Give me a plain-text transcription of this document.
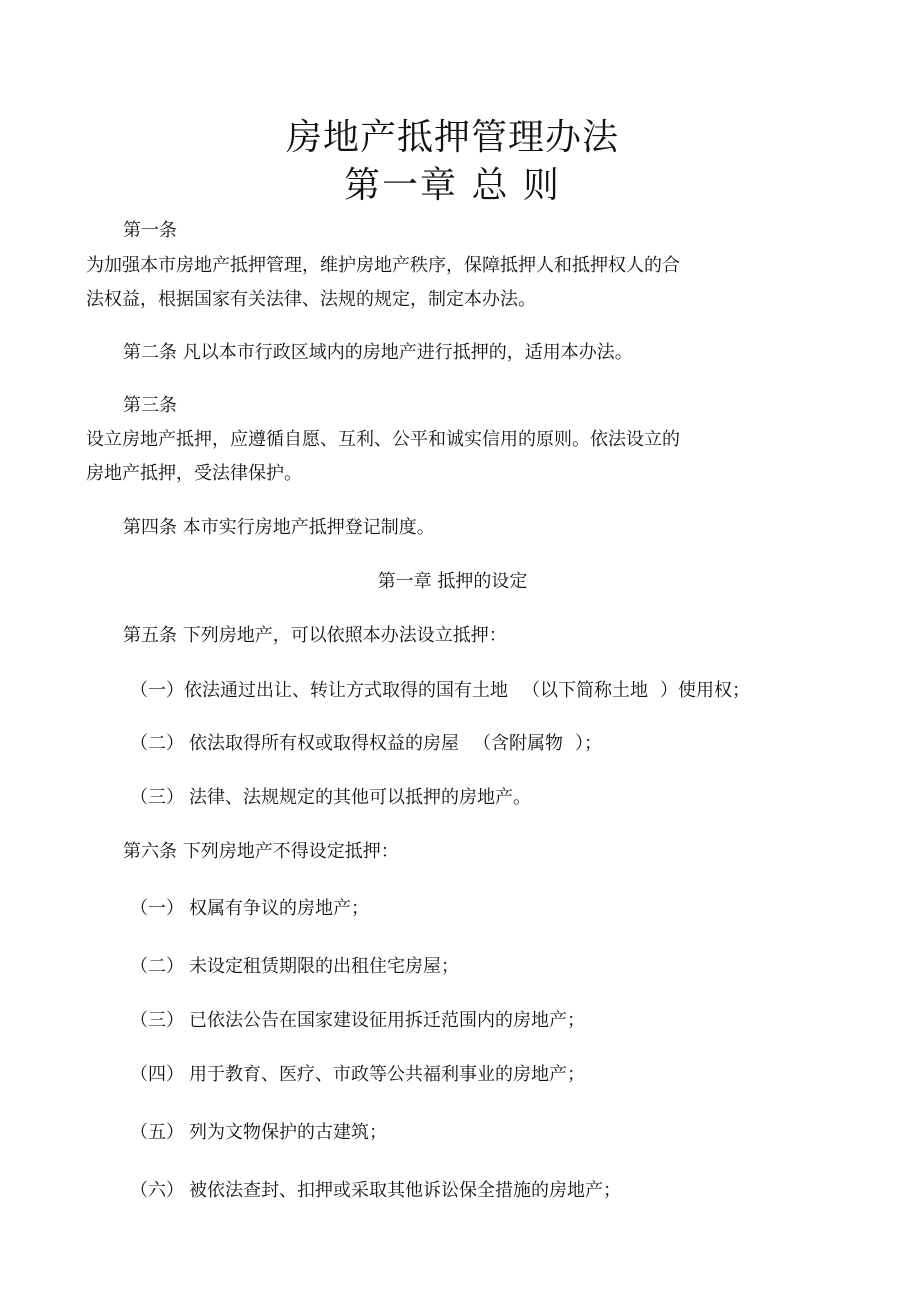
房地产抵押管理办法
第一章 总 则
第一条
为加强本市房地产抵押管理，维护房地产秩序，保障抵押人和抵押权人的合
法权益，根据国家有关法律、法规的规定，制定本办法。
第二条 凡以本市行政区域内的房地产进行抵押的，适用本办法。
第三条
设立房地产抵押，应遵循自愿、互利、公平和诚实信用的原则。依法设立的
房地产抵押，受法律保护。
第四条 本市实行房地产抵押登记制度。
第一章 抵押的设定
第五条 下列房地产，可以依照本办法设立抵押：
（一）依法通过出让、转让方式取得的国有土地 （以下简称土地 ）使用权；
（二） 依法取得所有权或取得权益的房屋 （含附属物 ）；
（三） 法律、法规规定的其他可以抵押的房地产。
第六条 下列房地产不得设定抵押：
（一） 权属有争议的房地产；
（二） 未设定租赁期限的出租住宅房屋；
（三） 已依法公告在国家建设征用拆迁范围内的房地产；
（四） 用于教育、医疗、市政等公共福利事业的房地产；
（五） 列为文物保护的古建筑；
（六） 被依法查封、扣押或采取其他诉讼保全措施的房地产；
